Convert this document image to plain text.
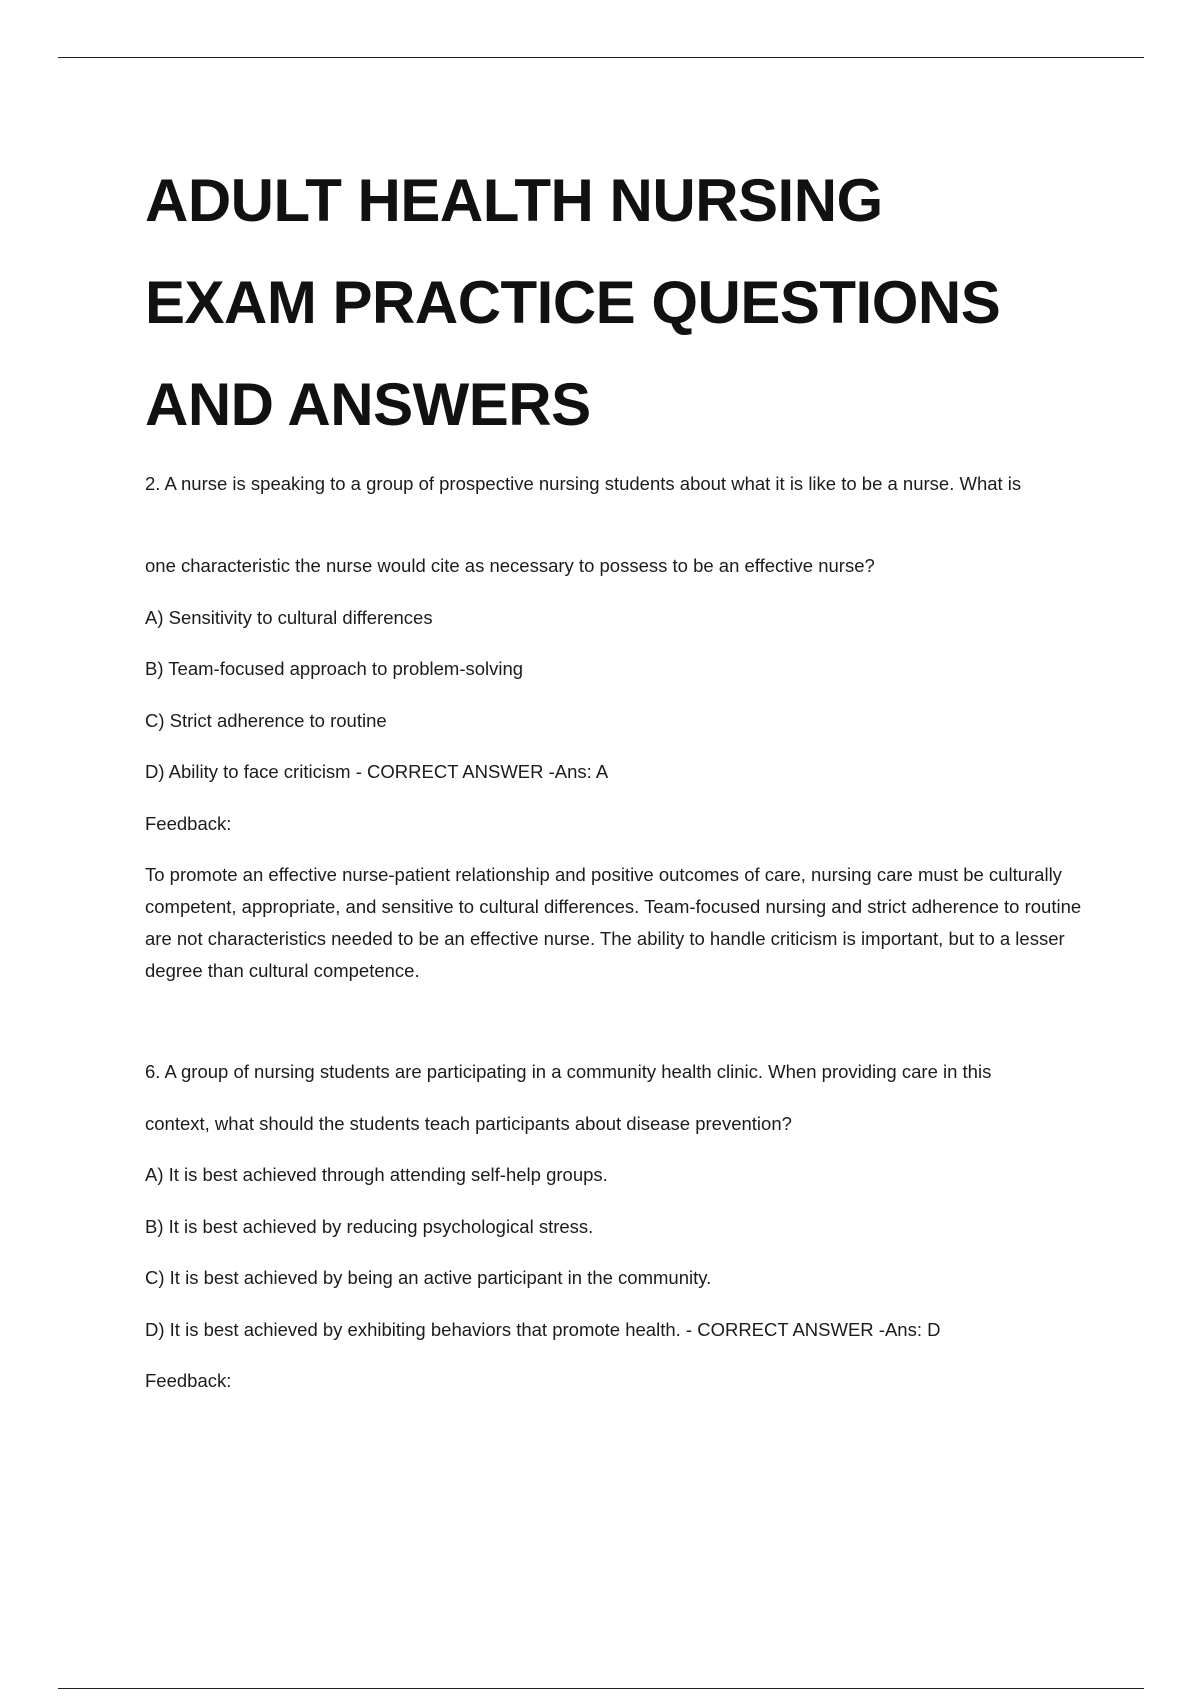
ADULT HEALTH NURSING
EXAM PRACTICE QUESTIONS
AND ANSWERS

2. A nurse is speaking to a group of prospective nursing students about what it is like to be a nurse. What is

one characteristic the nurse would cite as necessary to possess to be an effective nurse?

A) Sensitivity to cultural differences

B) Team-focused approach to problem-solving

C) Strict adherence to routine

D) Ability to face criticism - CORRECT ANSWER -Ans: A

Feedback:

To promote an effective nurse-patient relationship and positive outcomes of care, nursing care must be culturally competent, appropriate, and sensitive to cultural differences. Team-focused nursing and strict adherence to routine are not characteristics needed to be an effective nurse. The ability to handle criticism is important, but to a lesser degree than cultural competence.

6. A group of nursing students are participating in a community health clinic. When providing care in this

context, what should the students teach participants about disease prevention?

A) It is best achieved through attending self-help groups.

B) It is best achieved by reducing psychological stress.

C) It is best achieved by being an active participant in the community.

D) It is best achieved by exhibiting behaviors that promote health. - CORRECT ANSWER -Ans: D

Feedback:
